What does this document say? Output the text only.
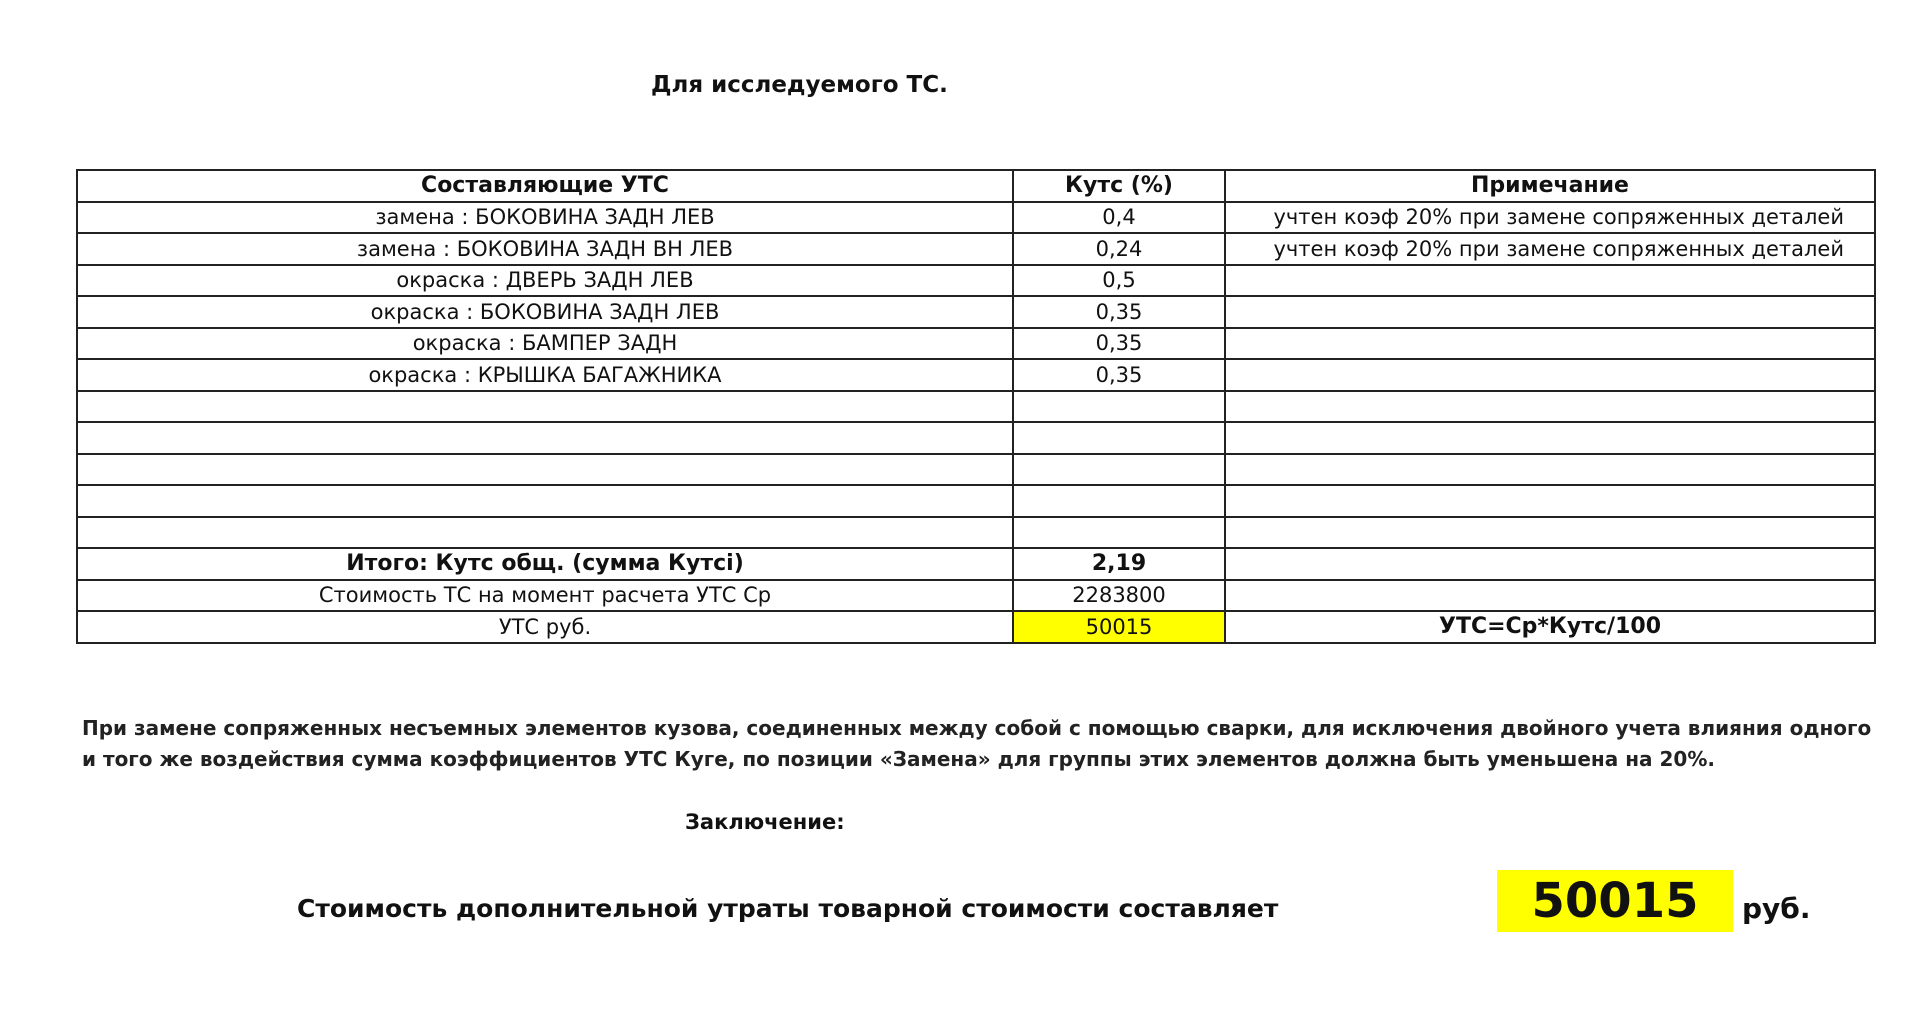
Для исследуемого ТС.
Составляющие УТС	Кутс (%)	Примечание
замена : БОКОВИНА ЗАДН ЛЕВ	0,4	учтен коэф 20% при замене сопряженных деталей
замена : БОКОВИНА ЗАДН ВН ЛЕВ	0,24	учтен коэф 20% при замене сопряженных деталей
окраска : ДВЕРЬ ЗАДН ЛЕВ	0,5	
окраска : БОКОВИНА ЗАДН ЛЕВ	0,35	
окраска : БАМПЕР ЗАДН	0,35	
окраска : КРЫШКА БАГАЖНИКА	0,35	

Итого: Кутс общ. (сумма Кутсi)	2,19	
Стоимость ТС на момент расчета УТС Ср	2283800	
УТС руб.	50015	УТС=Ср*Кутс/100
При замене сопряженных несъемных элементов кузова, соединенных между собой с помощью сварки, для исключения двойного учета влияния одного и того же воздействия сумма коэффициентов УТС Куге, по позиции «Замена» для группы этих элементов должна быть уменьшена на 20%.
Заключение:
Стоимость дополнительной утраты товарной стоимости составляет	50015	руб.
